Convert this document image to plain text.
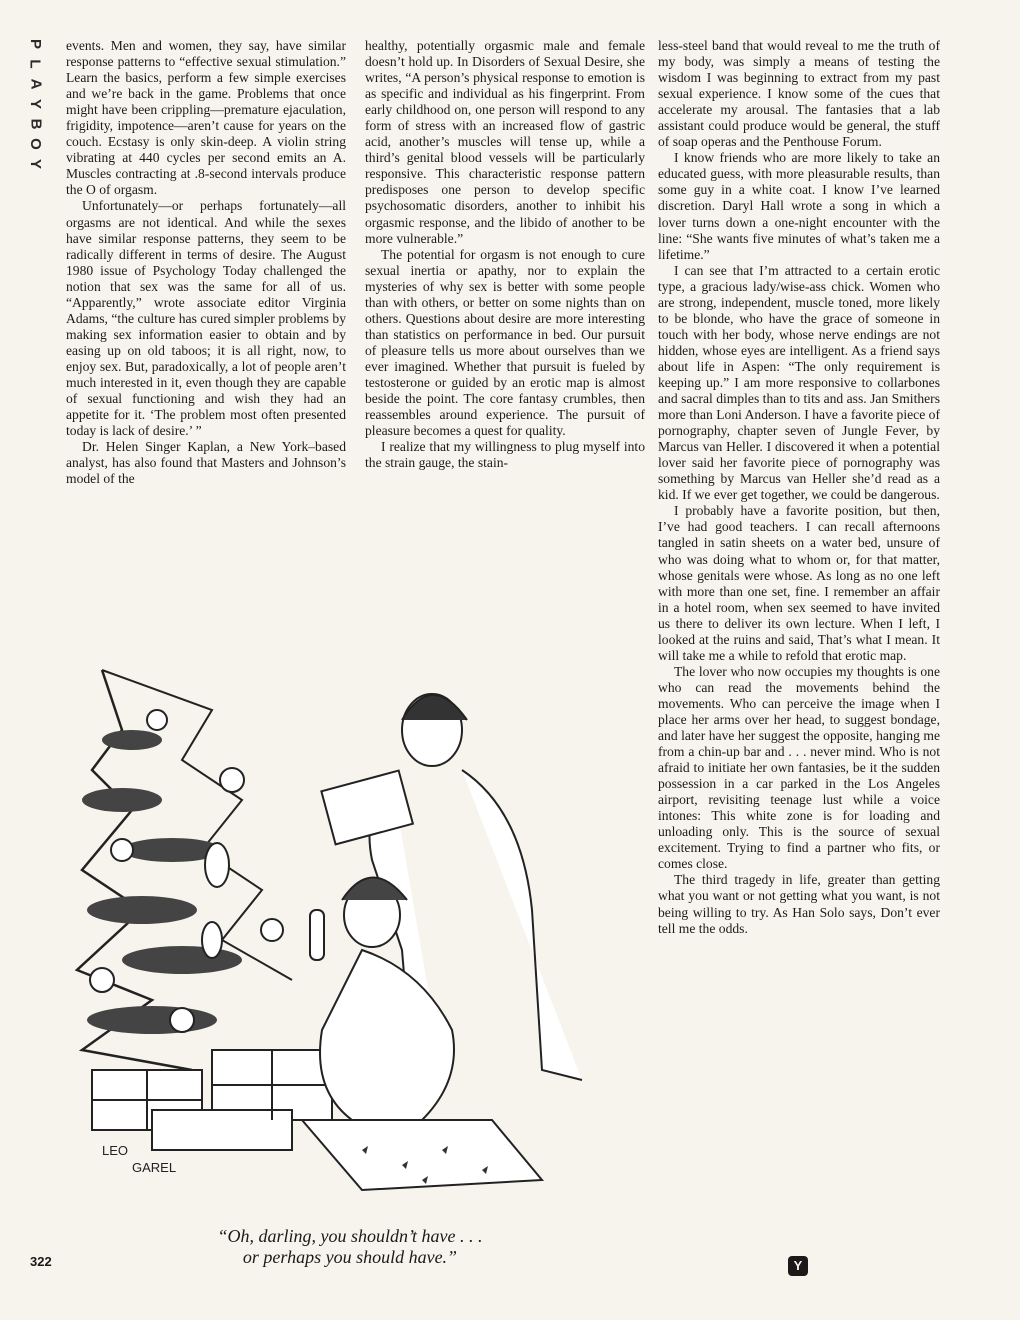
P
L
A
Y
B
O
Y

events. Men and women, they say, have similar response patterns to “effective sexual stimulation.” Learn the basics, perform a few simple exercises and we’re back in the game. Problems that once might have been crippling—premature ejaculation, frigidity, impotence—aren’t cause for years on the couch. Ecstasy is only skin-deep. A violin string vibrating at 440 cycles per second emits an A. Muscles contracting at .8-second intervals produce the O of orgasm.

Unfortunately—or perhaps fortunately—all orgasms are not identical. And while the sexes have similar response patterns, they seem to be radically different in terms of desire. The August 1980 issue of Psychology Today challenged the notion that sex was the same for all of us. “Apparently,” wrote associate editor Virginia Adams, “the culture has cured simpler problems by making sex information easier to obtain and by easing up on old taboos; it is all right, now, to enjoy sex. But, paradoxically, a lot of people aren’t much interested in it, even though they are capable of sexual functioning and wish they had an appetite for it. ‘The problem most often presented today is lack of desire.’ ”

Dr. Helen Singer Kaplan, a New York–based analyst, has also found that Masters and Johnson’s model of the

healthy, potentially orgasmic male and female doesn’t hold up. In Disorders of Sexual Desire, she writes, “A person’s physical response to emotion is as specific and individual as his fingerprint. From early childhood on, one person will respond to any form of stress with an increased flow of gastric acid, another’s muscles will tense up, while a third’s genital blood vessels will be particularly responsive. This characteristic response pattern predisposes one person to develop specific psychosomatic disorders, another to inhibit his orgasmic response, and the libido of another to be more vulnerable.”

The potential for orgasm is not enough to cure sexual inertia or apathy, nor to explain the mysteries of why sex is better with some people than with others, or better on some nights than on others. Questions about desire are more interesting than statistics on performance in bed. Our pursuit of pleasure tells us more about ourselves than we ever imagined. Whether that pursuit is fueled by testosterone or guided by an erotic map is almost beside the point. The core fantasy crumbles, then reassembles around experience. The pursuit of pleasure becomes a quest for quality.

I realize that my willingness to plug myself into the strain gauge, the stain-

less-steel band that would reveal to me the truth of my body, was simply a means of testing the wisdom I was beginning to extract from my past sexual experience. I know some of the cues that accelerate my arousal. The fantasies that a lab assistant could produce would be general, the stuff of soap operas and the Penthouse Forum.

I know friends who are more likely to take an educated guess, with more pleasurable results, than some guy in a white coat. I know I’ve learned discretion. Daryl Hall wrote a song in which a lover turns down a one-night encounter with the line: “She wants five minutes of what’s taken me a lifetime.”

I can see that I’m attracted to a certain erotic type, a gracious lady/wise-ass chick. Women who are strong, independent, muscle toned, more likely to be blonde, who have the grace of someone in touch with her body, whose nerve endings are not hidden, whose eyes are intelligent. As a friend says about life in Aspen: “The only requirement is keeping up.” I am more responsive to collarbones and sacral dimples than to tits and ass. Jan Smithers more than Loni Anderson. I have a favorite piece of pornography, chapter seven of Jungle Fever, by Marcus van Heller. I discovered it when a potential lover said her favorite piece of pornography was something by Marcus van Heller she’d read as a kid. If we ever get together, we could be dangerous.

I probably have a favorite position, but then, I’ve had good teachers. I can recall afternoons tangled in satin sheets on a water bed, unsure of who was doing what to whom or, for that matter, whose genitals were whose. As long as no one left with more than one set, fine. I remember an affair in a hotel room, when sex seemed to have invited us there to deliver its own lecture. When I left, I looked at the ruins and said, That’s what I mean. It will take me a while to refold that erotic map.

The lover who now occupies my thoughts is one who can read the movements behind the movements. Who can perceive the image when I place her arms over her head, to suggest bondage, and later have her suggest the opposite, hanging me from a chin-up bar and . . . never mind. Who is not afraid to initiate her own fantasies, be it the sudden possession in a car parked in the Los Angeles airport, revisiting teenage lust while a voice intones: This white zone is for loading and unloading only. This is the source of sexual excitement. Trying to find a partner who fits, or comes close.

The third tragedy in life, greater than getting what you want or not getting what you want, is not being willing to try. As Han Solo says, Don’t ever tell me the odds.

LEO
GAREL
“Oh, darling, you shouldn’t have . . .
or perhaps you should have.”
322	Y
